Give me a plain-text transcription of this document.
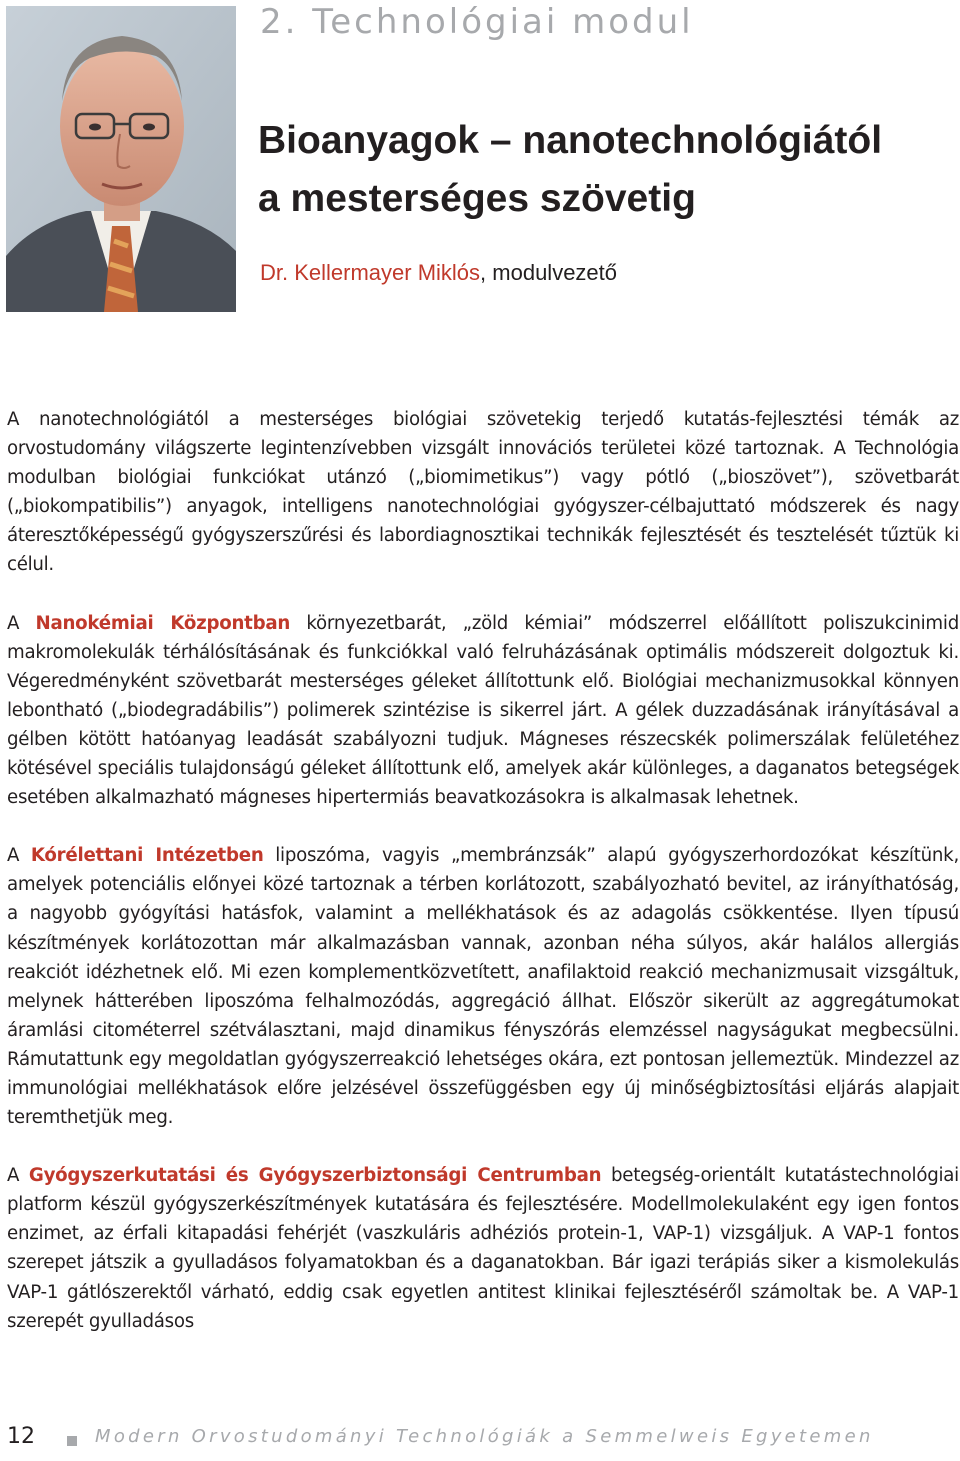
2. Technológiai modul
Bioanyagok – nanotechnológiától
a mesterséges szövetig
Dr. Kellermayer Miklós, modulvezető

A nanotechnológiától a mesterséges biológiai szövetekig terjedő kutatás-fejlesztési témák az orvostudomány világszerte legintenzívebben vizsgált innovációs területei közé tartoznak. A Technológia modulban biológiai funkciókat utánzó („biomimetikus”) vagy pótló („bioszövet”), szövetbarát („biokompatibilis”) anyagok, intelligens nanotechnológiai gyógyszer-célbajuttató módszerek és nagy áteresztőképességű gyógyszerszűrési és labordiagnosztikai technikák fejlesztését és tesztelését tűztük ki célul.

A Nanokémiai Központban környezetbarát, „zöld kémiai” módszerrel előállított poliszukcinimid makromolekulák térhálósításának és funkciókkal való felruházásának optimális módszereit dolgoztuk ki. Végeredményként szövetbarát mesterséges géleket állítottunk elő. Biológiai mechanizmusokkal könnyen lebontható („biodegradábilis”) polimerek szintézise is sikerrel járt. A gélek duzzadásának irányításával a gélben kötött hatóanyag leadását szabályozni tudjuk. Mágneses részecskék polimerszálak felületéhez kötésével speciális tulajdonságú géleket állítottunk elő, amelyek akár különleges, a daganatos betegségek esetében alkalmazható mágneses hipertermiás beavatkozásokra is alkalmasak lehetnek.

A Kórélettani Intézetben liposzóma, vagyis „membránzsák” alapú gyógyszerhordozókat készítünk, amelyek potenciális előnyei közé tartoznak a térben korlátozott, szabályozható bevitel, az irányíthatóság, a nagyobb gyógyítási hatásfok, valamint a mellékhatások és az adagolás csökkentése. Ilyen típusú készítmények korlátozottan már alkalmazásban vannak, azonban néha súlyos, akár halálos allergiás reakciót idézhetnek elő. Mi ezen komplementközvetített, anafilaktoid reakció mechanizmusait vizsgáltuk, melynek hátterében liposzóma felhalmozódás, aggregáció állhat. Először sikerült az aggregátumokat áramlási citométerrel szétválasztani, majd dinamikus fényszórás elemzéssel nagyságukat megbecsülni. Rámutattunk egy megoldatlan gyógyszerreakció lehetséges okára, ezt pontosan jellemeztük. Mindezzel az immunológiai mellékhatások előre jelzésével összefüggésben egy új minőségbiztosítási eljárás alapjait teremthetjük meg.

A Gyógyszerkutatási és Gyógyszerbiztonsági Centrumban betegség-orientált kutatástechnológiai platform készül gyógyszerkészítmények kutatására és fejlesztésére. Modellmolekulaként egy igen fontos enzimet, az érfali kitapadási fehérjét (vaszkuláris adhéziós protein-1, VAP-1) vizsgáljuk. A VAP-1 fontos szerepet játszik a gyulladásos folyamatokban és a daganatokban. Bár igazi terápiás siker a kismolekulás VAP-1 gátlószerektől várható, eddig csak egyetlen antitest klinikai fejlesztéséről számoltak be. A VAP-1 szerepét gyulladásos

12	Modern Orvostudományi Technológiák a Semmelweis Egyetemen
